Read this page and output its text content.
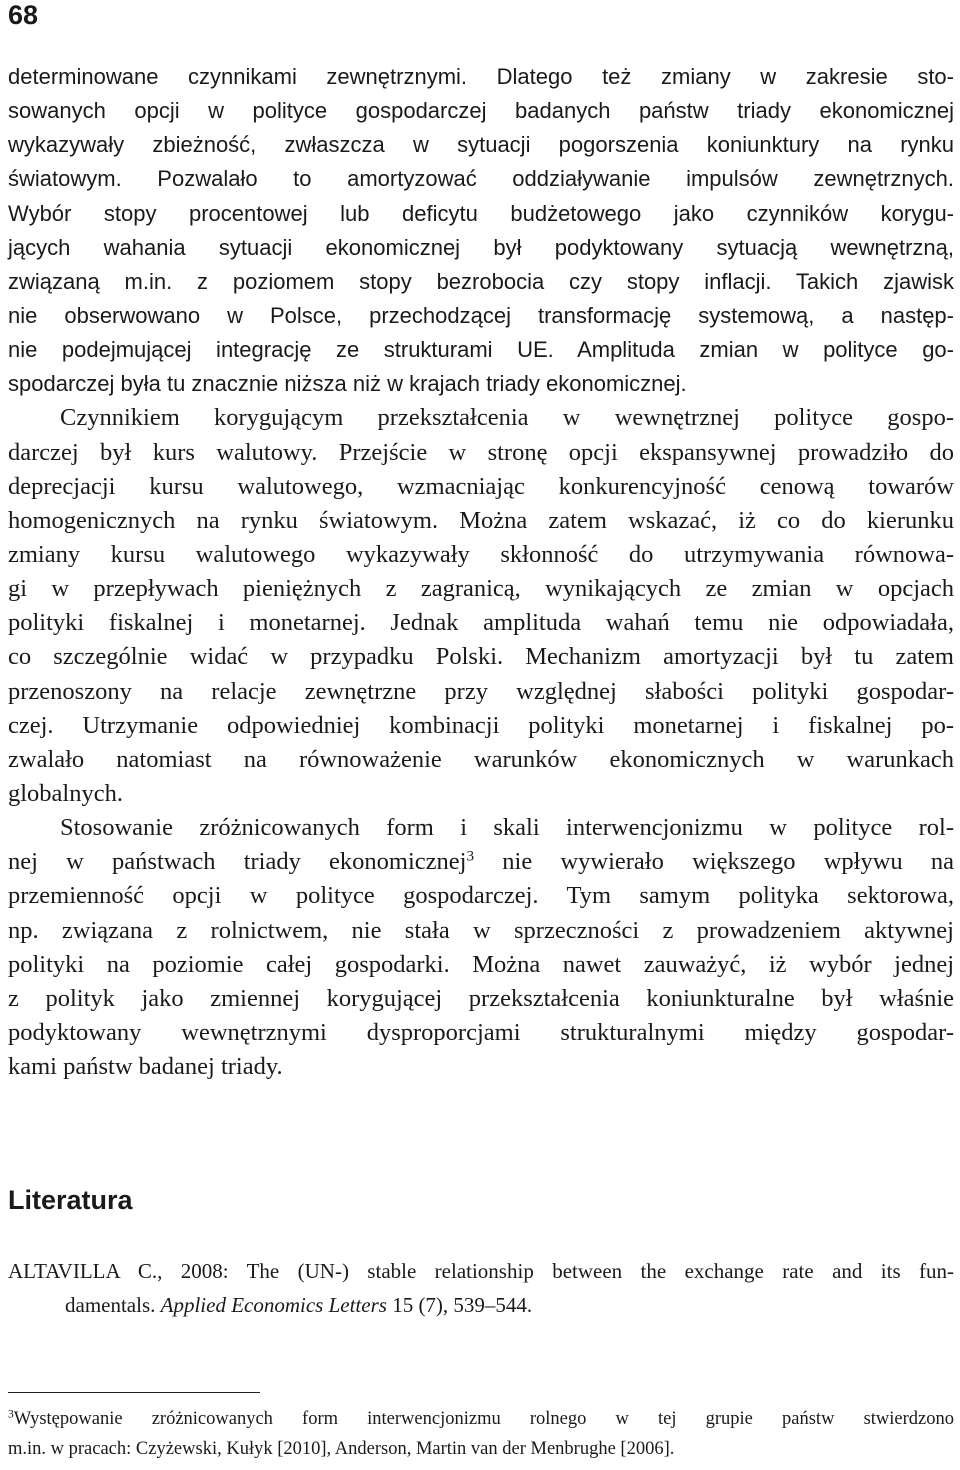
68
determinowane czynnikami zewnętrznymi. Dlatego też zmiany w zakresie sto-
sowanych opcji w polityce gospodarczej badanych państw triady ekonomicznej
wykazywały zbieżność, zwłaszcza w sytuacji pogorszenia koniunktury na rynku
światowym. Pozwalało to amortyzować oddziaływanie impulsów zewnętrznych.
Wybór stopy procentowej lub deficytu budżetowego jako czynników korygu-
jących wahania sytuacji ekonomicznej był podyktowany sytuacją wewnętrzną,
związaną m.in. z poziomem stopy bezrobocia czy stopy inflacji. Takich zjawisk
nie obserwowano w Polsce, przechodzącej transformację systemową, a następ-
nie podejmującej integrację ze strukturami UE. Amplituda zmian w polityce go-
spodarczej była tu znacznie niższa niż w krajach triady ekonomicznej.
Czynnikiem korygującym przekształcenia w wewnętrznej polityce gospo-
darczej był kurs walutowy. Przejście w stronę opcji ekspansywnej prowadziło do
deprecjacji kursu walutowego, wzmacniając konkurencyjność cenową towarów
homogenicznych na rynku światowym. Można zatem wskazać, iż co do kierunku
zmiany kursu walutowego wykazywały skłonność do utrzymywania równowa-
gi w przepływach pieniężnych z zagranicą, wynikających ze zmian w opcjach
polityki fiskalnej i monetarnej. Jednak amplituda wahań temu nie odpowiadała,
co szczególnie widać w przypadku Polski. Mechanizm amortyzacji był tu zatem
przenoszony na relacje zewnętrzne przy względnej słabości polityki gospodar-
czej. Utrzymanie odpowiedniej kombinacji polityki monetarnej i fiskalnej po-
zwalało natomiast na równoważenie warunków ekonomicznych w warunkach
globalnych.
Stosowanie zróżnicowanych form i skali interwencjonizmu w polityce rol-
nej w państwach triady ekonomicznej$^3$ nie wywierało większego wpływu na
przemienność opcji w polityce gospodarczej. Tym samym polityka sektorowa,
np. związana z rolnictwem, nie stała w sprzeczności z prowadzeniem aktywnej
polityki na poziomie całej gospodarki. Można nawet zauważyć, iż wybór jednej
z polityk jako zmiennej korygującej przekształcenia koniunkturalne był właśnie
podyktowany wewnętrznymi dysproporcjami strukturalnymi między gospodar-
kami państw badanej triady.
Literatura
ALTAVILLA C., 2008: The (UN-) stable relationship between the exchange rate and its fun-
damentals. Applied Economics Letters 15 (7), 539–544.
$^3$Występowanie zróżnicowanych form interwencjonizmu rolnego w tej grupie państw stwierdzono
m.in. w pracach: Czyżewski, Kułyk [2010], Anderson, Martin van der Menbrughe [2006].
